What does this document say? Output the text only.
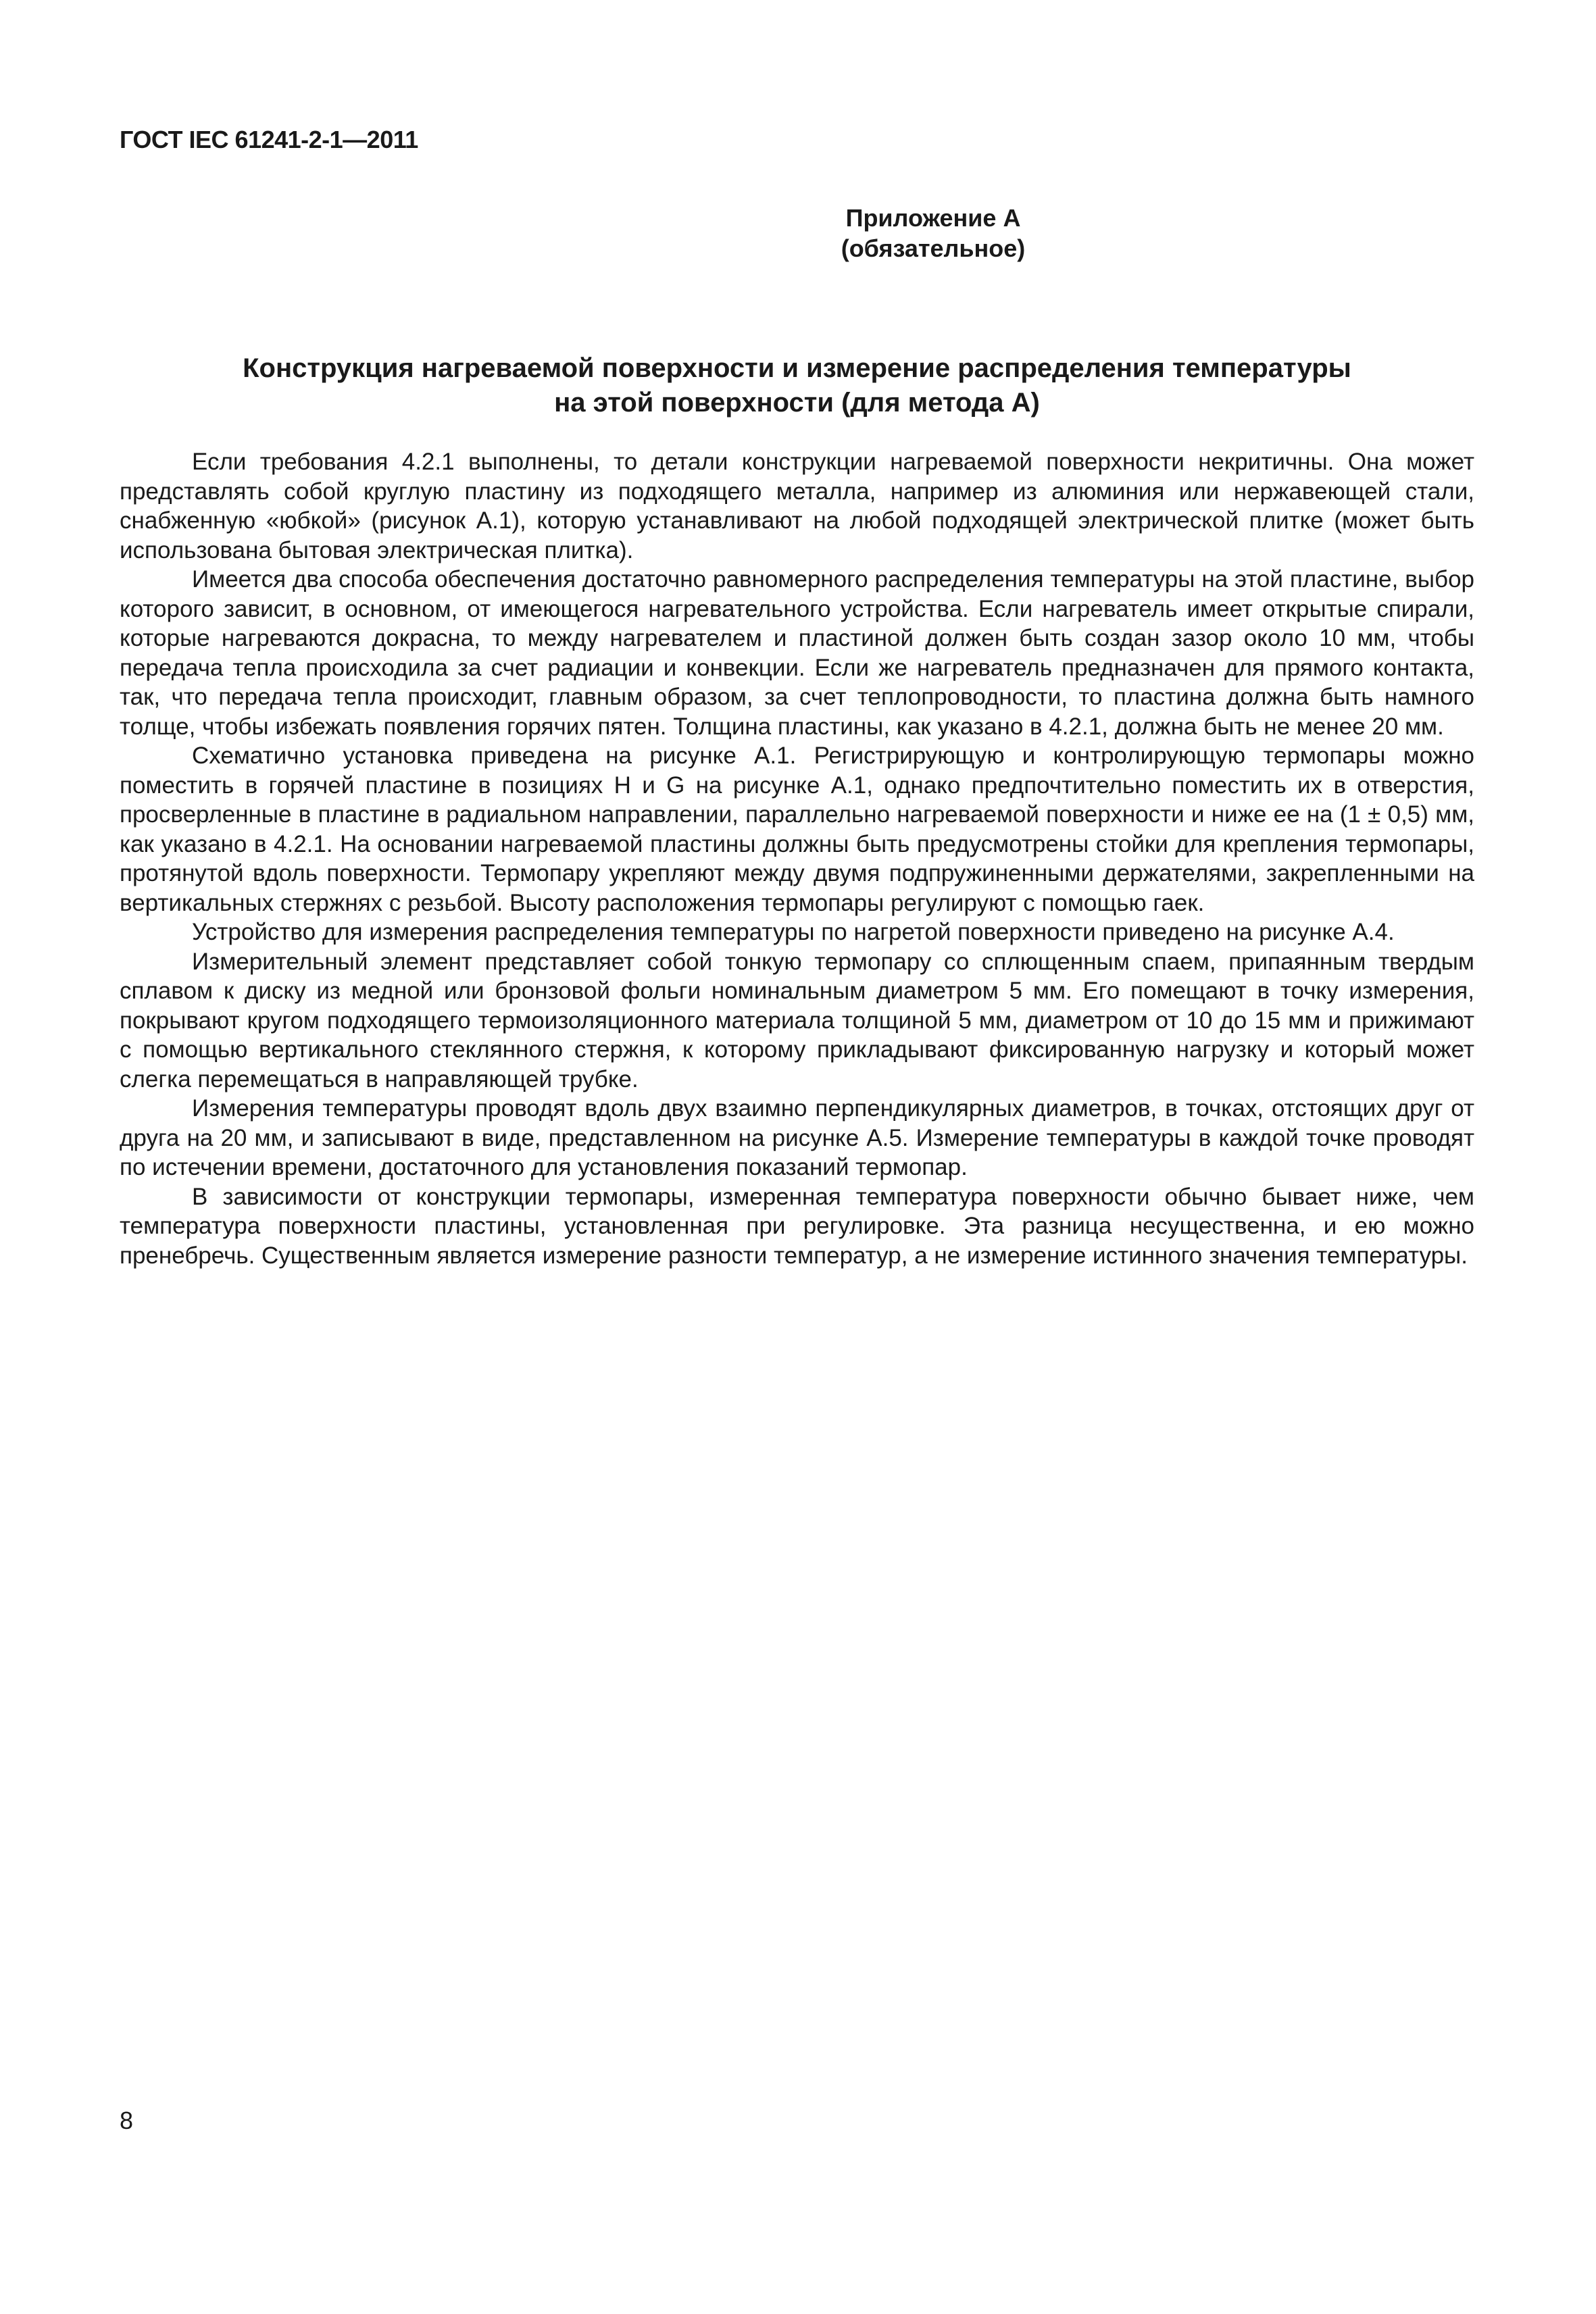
ГОСТ IEC 61241-2-1—2011

Приложение А

(обязательное)

Конструкция нагреваемой поверхности и измерение распределения температуры

на этой поверхности (для метода А)

Если требования 4.2.1 выполнены, то детали конструкции нагреваемой поверхности некритичны. Она может представлять собой круглую пластину из подходящего металла, например из алюминия или нержавеющей стали, снабженную «юбкой» (рисунок А.1), которую устанавливают на любой подходящей электрической плитке (может быть использована бытовая электрическая плитка).

Имеется два способа обеспечения достаточно равномерного распределения температуры на этой пластине, выбор которого зависит, в основном, от имеющегося нагревательного устройства. Если нагреватель имеет открытые спирали, которые нагреваются докрасна, то между нагревателем и пластиной должен быть создан зазор около 10 мм, чтобы передача тепла происходила за счет радиации и конвекции. Если же нагреватель предназначен для прямого контакта, так, что передача тепла происходит, главным образом, за счет теплопроводности, то пластина должна быть намного толще, чтобы избежать появления горячих пятен. Толщина пластины, как указано в 4.2.1, должна быть не менее 20 мм.

Схематично установка приведена на рисунке А.1. Регистрирующую и контролирующую термопары можно поместить в горячей пластине в позициях H и G на рисунке А.1, однако предпочтительно поместить их в отверстия, просверленные в пластине в радиальном направлении, параллельно нагреваемой поверхности и ниже ее на (1 ± 0,5) мм, как указано в 4.2.1. На основании нагреваемой пластины должны быть предусмотрены стойки для крепления термопары, протянутой вдоль поверхности. Термопару укрепляют между двумя подпружиненными держателями, закрепленными на вертикальных стержнях с резьбой. Высоту расположения термопары регулируют с помощью гаек.

Устройство для измерения распределения температуры по нагретой поверхности приведено на рисунке А.4.

Измерительный элемент представляет собой тонкую термопару со сплющенным спаем, припаянным твердым сплавом к диску из медной или бронзовой фольги номинальным диаметром 5 мм. Его помещают в точку измерения, покрывают кругом подходящего термоизоляционного материала толщиной 5 мм, диаметром от 10 до 15 мм и прижимают с помощью вертикального стеклянного стержня, к которому прикладывают фиксированную нагрузку и который может слегка перемещаться в направляющей трубке.

Измерения температуры проводят вдоль двух взаимно перпендикулярных диаметров, в точках, отстоящих друг от друга на 20 мм, и записывают в виде, представленном на рисунке А.5. Измерение температуры в каждой точке проводят по истечении времени, достаточного для установления показаний термопар.

В зависимости от конструкции термопары, измеренная температура поверхности обычно бывает ниже, чем температура поверхности пластины, установленная при регулировке. Эта разница несущественна, и ею можно пренебречь. Существенным является измерение разности температур, а не измерение истинного значения температуры.

8
